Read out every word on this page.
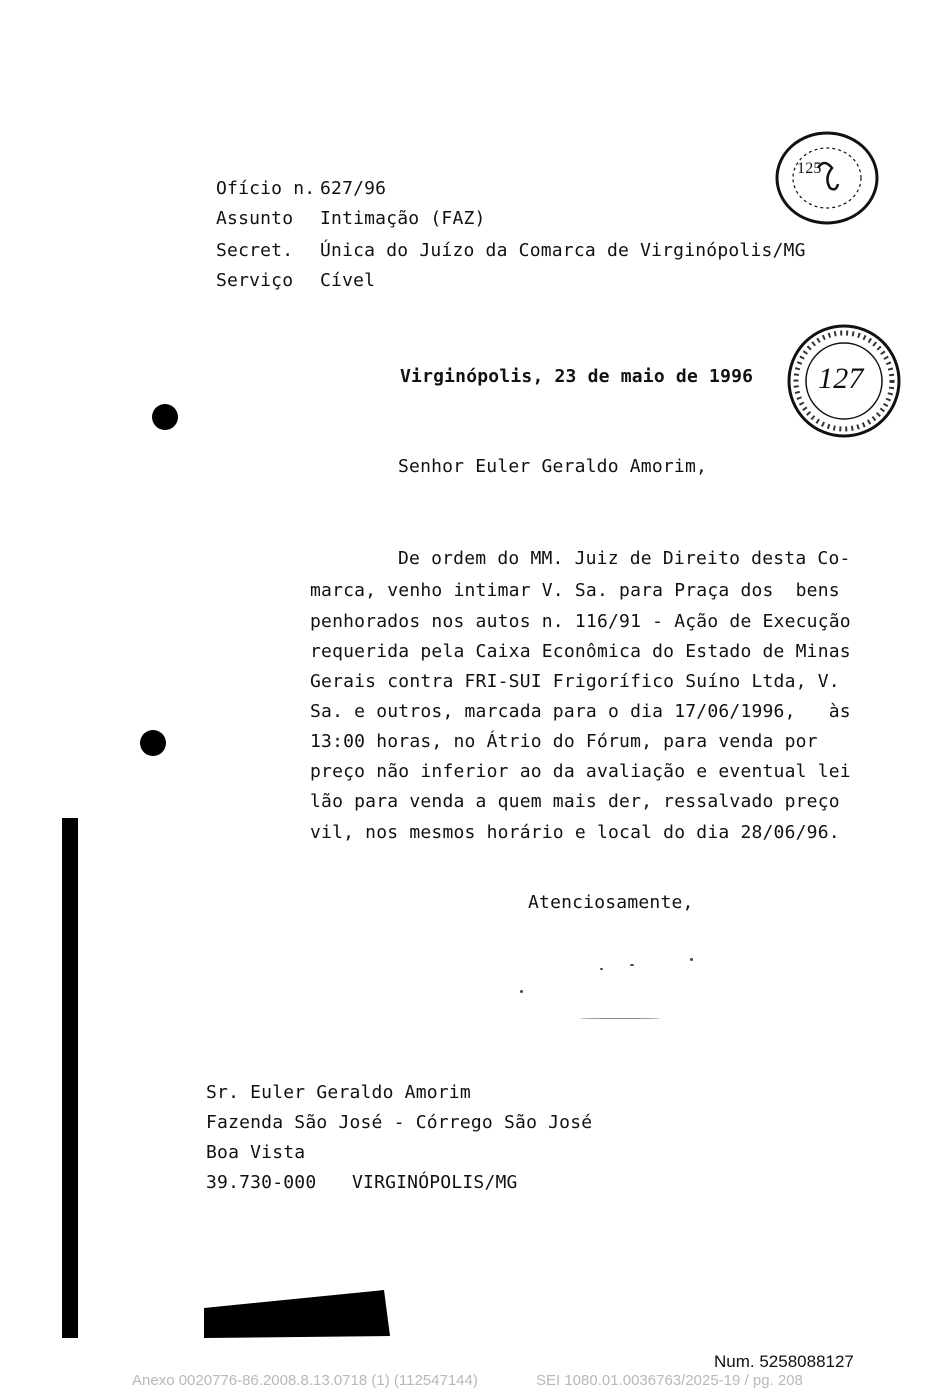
Ofício n. 627/96
Assunto Intimação (FAZ)
Secret. Única do Juízo da Comarca de Virginópolis/MG
Serviço Cível
125
127
Virginópolis, 23 de maio de 1996
Senhor Euler Geraldo Amorim,
De ordem do MM. Juiz de Direito desta Co-
marca, venho intimar V. Sa. para Praça dos  bens
penhorados nos autos n. 116/91 - Ação de Execução
requerida pela Caixa Econômica do Estado de Minas
Gerais contra FRI-SUI Frigorífico Suíno Ltda, V.
Sa. e outros, marcada para o dia 17/06/1996,   às
13:00 horas, no Átrio do Fórum, para venda por
preço não inferior ao da avaliação e eventual lei
lão para venda a quem mais der, ressalvado preço
vil, nos mesmos horário e local do dia 28/06/96.
Atenciosamente,
Sr. Euler Geraldo Amorim
Fazenda São José - Córrego São José
Boa Vista
39.730-000 VIRGINÓPOLIS/MG
Num. 5258088127
Anexo 0020776-86.2008.8.13.0718 (1) (112547144)	SEI 1080.01.0036763/2025-19 / pg. 208
